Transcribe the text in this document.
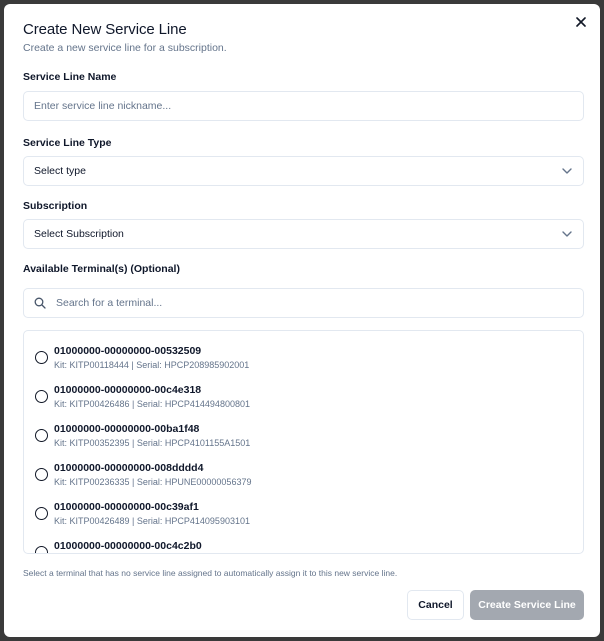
Create New Service Line
Create a new service line for a subscription.
Service Line Name
Enter service line nickname...
Service Line Type
Select type
Subscription
Select Subscription
Available Terminal(s) (Optional)
Search for a terminal...
01000000-00000000-00532509
Kit: KITP00118444 | Serial: HPCP208985902001
01000000-00000000-00c4e318
Kit: KITP00426486 | Serial: HPCP414494800801
01000000-00000000-00ba1f48
Kit: KITP00352395 | Serial: HPCP4101155A1501
01000000-00000000-008dddd4
Kit: KITP00236335 | Serial: HPUNE00000056379
01000000-00000000-00c39af1
Kit: KITP00426489 | Serial: HPCP414095903101
01000000-00000000-00c4c2b0
Select a terminal that has no service line assigned to automatically assign it to this new service line.
Cancel	Create Service Line
